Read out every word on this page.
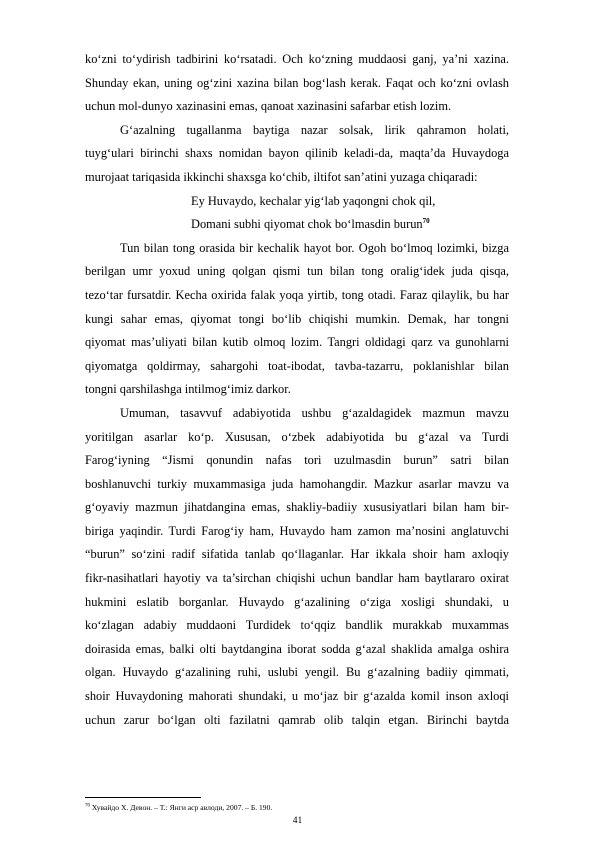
ko‘zni to‘ydirish tadbirini ko‘rsatadi. Och ko‘zning muddaosi ganj, ya’ni xazina.
Shunday ekan, uning og‘zini xazina bilan bog‘lash kerak. Faqat och ko‘zni ovlash
uchun mol-dunyo xazinasini emas, qanoat xazinasini safarbar etish lozim.
G‘azalning tugallanma baytiga nazar solsak, lirik qahramon holati,
tuyg‘ulari birinchi shaxs nomidan bayon qilinib keladi-da, maqta’da Huvaydoga
murojaat tariqasida ikkinchi shaxsga ko‘chib, iltifot san’atini yuzaga chiqaradi:
Ey Huvaydo, kechalar yig‘lab yaqongni chok qil,
Domani subhi qiyomat chok bo‘lmasdin burun$^{70}$
Tun bilan tong orasida bir kechalik hayot bor. Ogoh bo‘lmoq lozimki, bizga
berilgan umr yoxud uning qolgan qismi tun bilan tong oralig‘idek juda qisqa,
tezo‘tar fursatdir. Kecha oxirida falak yoqa yirtib, tong otadi. Faraz qilaylik, bu har
kungi sahar emas, qiyomat tongi bo‘lib chiqishi mumkin. Demak, har tongni
qiyomat mas’uliyati bilan kutib olmoq lozim. Tangri oldidagi qarz va gunohlarni
qiyomatga qoldirmay, sahargohi toat-ibodat, tavba-tazarru, poklanishlar bilan
tongni qarshilashga intilmog‘imiz darkor.
Umuman, tasavvuf adabiyotida ushbu g‘azaldagidek mazmun mavzu
yoritilgan asarlar ko‘p. Xususan, o‘zbek adabiyotida bu g‘azal va Turdi
Farog‘iyning “Jismi qonundin nafas tori uzulmasdin burun” satri bilan
boshlanuvchi turkiy muxammasiga juda hamohangdir. Mazkur asarlar mavzu va
g‘oyaviy mazmun jihatdangina emas, shakliy-badiiy xususiyatlari bilan ham bir-
biriga yaqindir. Turdi Farog‘iy ham, Huvaydo ham zamon ma’nosini anglatuvchi
“burun” so‘zini radif sifatida tanlab qo‘llaganlar. Har ikkala shoir ham axloqiy
fikr-nasihatlari hayotiy va ta’sirchan chiqishi uchun bandlar ham baytlararo oxirat
hukmini eslatib borganlar. Huvaydo g‘azalining o‘ziga xosligi shundaki, u
ko‘zlagan adabiy muddaoni Turdidek to‘qqiz bandlik murakkab muxammas
doirasida emas, balki olti baytdangina iborat sodda g‘azal shaklida amalga oshira
olgan. Huvaydo g‘azalining ruhi, uslubi yengil. Bu g‘azalning badiiy qimmati,
shoir Huvaydoning mahorati shundaki, u mo‘jaz bir g‘azalda komil inson axloqi
uchun zarur bo‘lgan olti fazilatni qamrab olib talqin etgan. Birinchi baytda
$^{70}$ Хувайдо Х. Девон. – Т.: Янги аср авлоди, 2007. – Б. 190.
41
